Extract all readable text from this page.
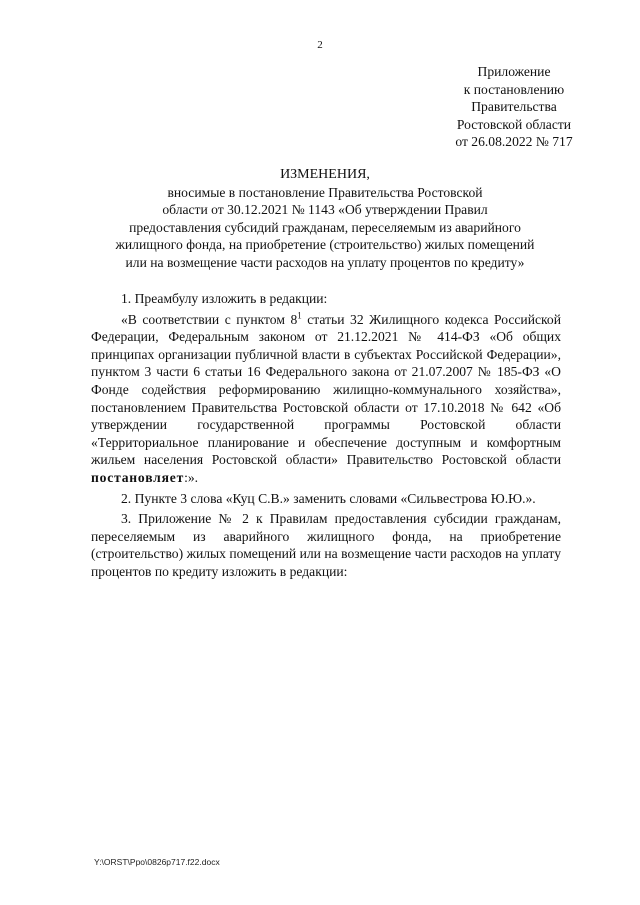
2
Приложение
к постановлению
Правительства
Ростовской области
от 26.08.2022 № 717
ИЗМЕНЕНИЯ,
вносимые в постановление Правительства Ростовской
области от 30.12.2021 № 1143 «Об утверждении Правил
предоставления субсидий гражданам, переселяемым из аварийного
жилищного фонда, на приобретение (строительство) жилых помещений
или на возмещение части расходов на уплату процентов по кредиту»

1. Преамбулу изложить в редакции:

«В соответствии с пунктом $8^1$ статьи 32 Жилищного кодекса Российской Федерации, Федеральным законом от 21.12.2021 № 414-ФЗ «Об общих принципах организации публичной власти в субъектах Российской Федерации», пунктом 3 части 6 статьи 16 Федерального закона от 21.07.2007 № 185-ФЗ «О Фонде содействия реформированию жилищно-коммунального хозяйства», постановлением Правительства Ростовской области от 17.10.2018 № 642 «Об утверждении государственной программы Ростовской области «Территориальное планирование и обеспечение доступным и комфортным жильем населения Ростовской области» Правительство Ростовской области постановляет:».

2. Пункте 3 слова «Куц С.В.» заменить словами «Сильвестрова Ю.Ю.».

3. Приложение № 2 к Правилам предоставления субсидии гражданам, переселяемым из аварийного жилищного фонда, на приобретение (строительство) жилых помещений или на возмещение части расходов на уплату процентов по кредиту изложить в редакции:

Y:\ORST\Ppo\0826p717.f22.docx
